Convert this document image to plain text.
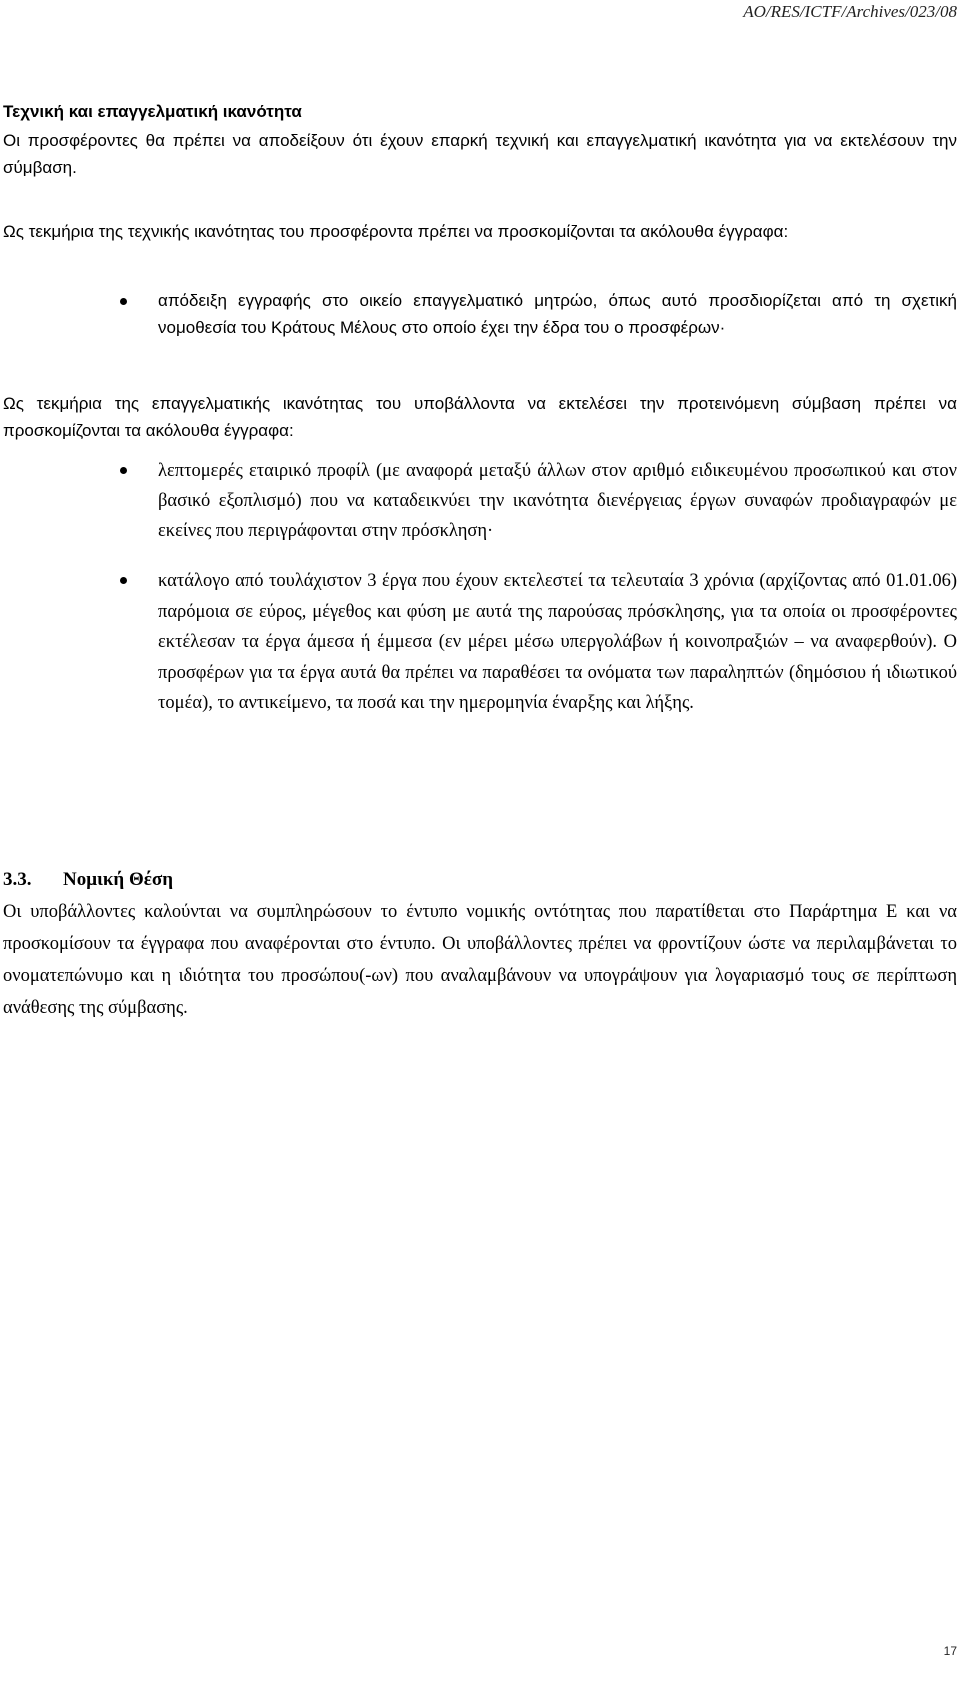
AO/RES/ICTF/Archives/023/08
Τεχνική και επαγγελματική ικανότητα

Οι προσφέροντες θα πρέπει να αποδείξουν ότι έχουν επαρκή τεχνική και επαγγελματική ικανότητα για να εκτελέσουν την σύμβαση.

Ως τεκμήρια της τεχνικής ικανότητας του προσφέροντα πρέπει να προσκομίζονται τα ακόλουθα έγγραφα:

απόδειξη εγγραφής στο οικείο επαγγελματικό μητρώο, όπως αυτό προσδιορίζεται από τη σχετική νομοθεσία του Κράτους Μέλους στο οποίο έχει την έδρα του ο προσφέρων·

Ως τεκμήρια της επαγγελματικής ικανότητας του υποβάλλοντα να εκτελέσει την προτεινόμενη σύμβαση πρέπει να προσκομίζονται τα ακόλουθα έγγραφα:

λεπτομερές εταιρικό προφίλ (με αναφορά μεταξύ άλλων στον αριθμό ειδικευμένου προσωπικού και στον βασικό εξοπλισμό) που να καταδεικνύει την ικανότητα διενέργειας έργων συναφών προδιαγραφών με εκείνες που περιγράφονται στην πρόσκληση·

κατάλογο από τουλάχιστον 3 έργα που έχουν εκτελεστεί τα τελευταία 3 χρόνια (αρχίζοντας από 01.01.06) παρόμοια σε εύρος, μέγεθος και φύση με αυτά της παρούσας πρόσκλησης, για τα οποία οι προσφέροντες εκτέλεσαν τα έργα άμεσα ή έμμεσα (εν μέρει μέσω υπεργολάβων ή κοινοπραξιών – να αναφερθούν). Ο προσφέρων για τα έργα αυτά θα πρέπει να παραθέσει τα ονόματα των παραληπτών (δημόσιου ή ιδιωτικού τομέα), το αντικείμενο, τα ποσά και την ημερομηνία έναρξης και λήξης.

3.3. Νομική Θέση

Οι υποβάλλοντες καλούνται να συμπληρώσουν το έντυπο νομικής οντότητας που παρατίθεται στο Παράρτημα Ε και να προσκομίσουν τα έγγραφα που αναφέρονται στο έντυπο. Οι υποβάλλοντες πρέπει να φροντίζουν ώστε να περιλαμβάνεται το ονοματεπώνυμο και η ιδιότητα του προσώπου(-ων) που αναλαμβάνουν να υπογράψουν για λογαριασμό τους σε περίπτωση ανάθεσης της σύμβασης.

17
